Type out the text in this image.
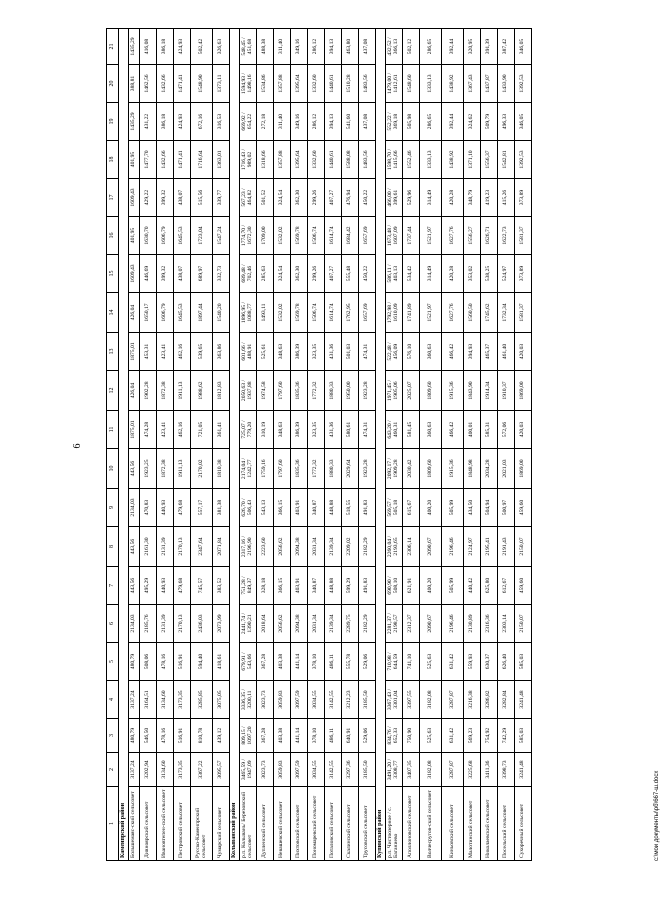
6
1	2	3	4	5	6	7	8	9	10	11	12	13	14	15	16	17	18	19	20	21	
Каменпрский район																					
Большемаяс-ский сельсовет	3137,24	480,79	3137,24	480,79	2134,03	443,56	443,56	2134,03	443,56	1875,01	426,04	1875,01	426,04	1609,43	401,95	1609,43	401,95	1435,29	388,81	1435,29	
Дивноярский сельсовет	3202,94	546,50	3164,51	508,06	2185,76	495,29	2161,30	470,83	1923,25	474,28	1902,28	453,31	1650,17	446,69	1630,70	429,22	1477,70	431,22	1462,56	416,08	
Ивановтепен-ский сельсовет	3134,60	478,16	3134,60	478,16	2131,39	440,93	2131,39	440,93	1872,38	423,41	1872,38	423,41	1606,79	399,32	1606,79	399,32	1432,66	386,18	1432,66	386,18	
Пестровский сельсовет	3173,35	516,91	3173,35	516,91	2170,13	479,68	2170,13	479,68	1911,13	462,16	1911,13	462,16	1645,53	438,07	1645,53	438,07	1471,41	424,93	1471,41	424,93	
Русско-Каменпрский сельсовет	3367,22	810,78	3285,85	594,40	2436,03	745,57	2347,64	557,17	2170,02	721,05	1988,62	539,65	1897,44	689,97	1723,04	515,56	1716,64	672,16	1548,90	502,42	
Чумарский сельсовет	3095,57	439,12	3075,05	418,61	2073,99	383,52	2071,84	381,38	1810,38	361,41	1812,83	363,86	1540,20	332,73	1547,24	339,77	1363,01	316,53	1373,11	326,63	
Колыванский район																					
р.п. Колывань/ Березовский сельсовет	3465,59 / 1947,09	809,15 / 1097,20	3336,35 / 3200,11	679,91 / 543,66	2441,74 / 1390,21	751,28 / 849,37	2317,16 / 2196,90	626,70 / 506,43	2174,04 / 1242,77	725,07 / 779,20	2050,63 / 1937,88	601,66 / 488,91	1896,95 / 1088,77	689,48 / 702,46	1774,70 / 1672,30	567,23 / 464,82	1716,43 / 989,02	669,92 / 654,22	1594,93 / 1498,16	548,45 / 451,68	
Дупленский сельсовет	3023,73	367,28	3023,73	367,28	2018,64	328,18	2223,60	543,13	1759,16	310,19	1974,58	525,61	1493,11	285,63	1709,00	501,52	1318,66	272,18	1534,86	488,38	
Невашевский сельсовет	3059,83	403,38	3059,83	403,38	2056,62	366,15	2056,62	366,15	1797,60	348,63	1797,60	348,63	1532,02	324,54	1532,02	324,54	1357,88	311,40	1357,88	311,40	
Пихтовский сельсовет	3097,59	441,14	3097,59	441,14	2094,38	403,91	2094,38	403,91	1835,36	386,39	1835,36	386,39	1569,78	362,30	1569,78	362,30	1395,64	349,16	1395,64	349,16	
Пономаревский сельсовет	3034,55	378,10	3034,55	378,10	2031,34	340,87	2031,34	340,87	1772,32	323,35	1772,32	323,35	1506,74	299,26	1506,74	299,26	1332,60	286,12	1332,60	286,12	
Поталовский сельсовет	3142,55	486,11	3142,55	486,11	2139,34	448,88	2139,34	448,88	1880,33	431,36	1880,33	431,36	1614,74	407,27	1614,74	407,27	1440,61	394,13	1440,61	394,13	
Скалинский сельсовет	3297,36	640,91	3212,23	555,78	2289,75	599,29	2209,02	518,55	2029,64	580,61	1950,00	501,03	1762,95	555,48	1684,42	476,94	1588,08	541,60	1510,28	463,80	
Трусовский сельсовет	3185,50	529,06	3185,50	529,06	2182,29	491,83	2182,29	491,83	1923,28	474,31	1923,28	474,31	1657,69	450,22	1657,69	450,22	1483,56	437,08	1483,56	437,08	
Купинский район																					
р.п. Чистоозерное / с. Баганиево	3491,20 / 3308,77	834,76 / 652,33	3367,43 / 3301,04	710,98 / 644,59	2281,37 / 2198,57	690,90 / 508,10	2260,04 / 2193,65	569,57 / 505,18	2092,17 / 1909,28	643,20 / 460,31	1971,45 / 1905,06	522,48 / 456,09	1792,98 / 1610,09	586,11 / 403,13	1673,48 / 1607,09	466,00 / 399,61	1598,70 / 1415,66	552,22 / 369,18	1479,00 / 1412,61	432,52 / 366,13	
Аполлоновский сельсовет	3407,35	750,90	3397,55	741,10	2312,37	621,91	2306,14	615,67	2030,42	581,45	2025,07	576,10	1741,89	534,42	1737,44	529,96	1552,46	505,98	1548,60	502,12	
Волчесругов-ский сельсовет	3182,08	525,63	3182,08	525,63	2090,67	400,20	2090,67	400,20	1809,60	360,63	1809,60	360,63	1521,97	314,49	1521,97	314,49	1333,13	286,65	1333,13	286,65	
Киньовский сельсовет	3287,87	631,42	3287,87	631,42	2196,46	505,99	2196,46	505,99	1915,36	466,42	1915,36	466,42	1627,76	420,28	1627,76	420,28	1438,92	392,44	1438,92	392,44	
Малотинский сельсовет	3225,68	569,23	3216,38	559,93	2130,89	440,42	2124,97	434,50	1848,98	400,01	1843,90	394,93	1560,50	353,02	1556,27	348,79	1371,10	324,62	1367,43	320,95	
Николаевский сельсовет	3411,36	754,92	3286,82	630,37	2316,36	625,80	2195,41	504,94	2034,28	585,31	1914,34	465,37	1745,62	538,25	1626,71	419,23	1556,37	509,79	1437,87	391,39	
Посельский сельсовет	3398,73	742,29	3282,84	626,40	2303,14	612,67	2191,43	500,97	2021,03	572,06	1910,37	461,40	1732,34	524,97	1622,73	415,26	1542,81	496,33	1433,90	387,42	
Сухоречный сельсовет	3241,48	585,03	3241,48	585,03	2150,07	459,60	2150,07	459,60	1869,00	420,03	1869,00	420,03	1581,37	373,89	1581,37	373,89	1392,53	346,05	1392,53	346,05	
c:\мои документы\рб\667-ш.docx
